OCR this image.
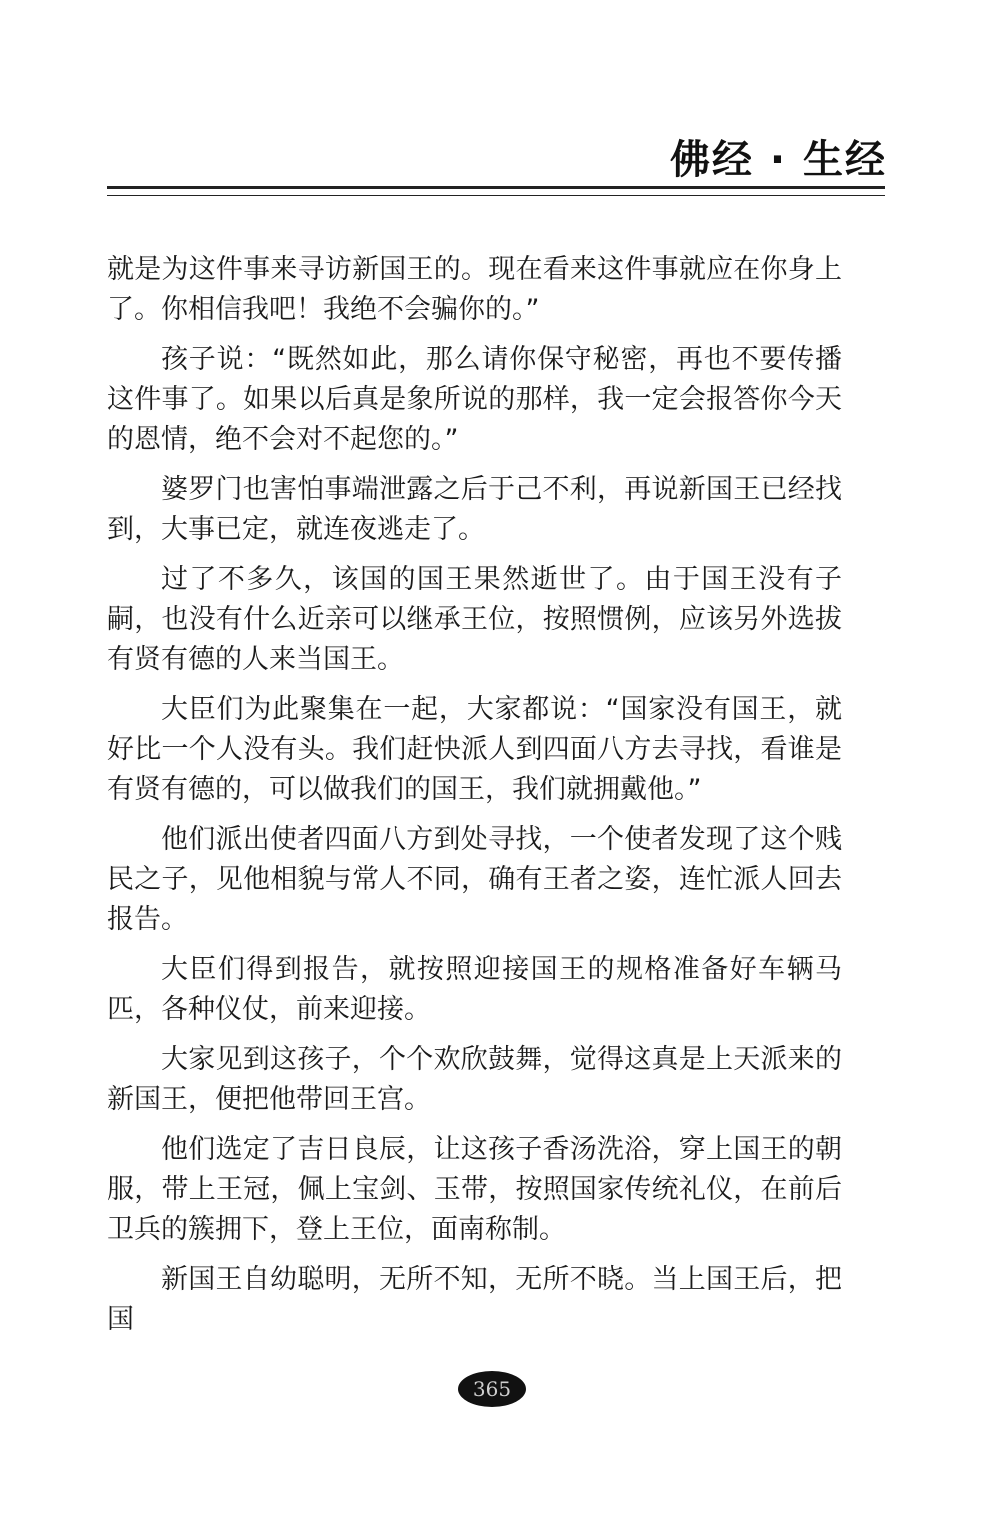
佛经 · 生经

就是为这件事来寻访新国王的。现在看来这件事就应在你身上了。你相信我吧！我绝不会骗你的。”

孩子说：“既然如此，那么请你保守秘密，再也不要传播这件事了。如果以后真是象所说的那样，我一定会报答你今天的恩情，绝不会对不起您的。”

婆罗门也害怕事端泄露之后于己不利，再说新国王已经找到，大事已定，就连夜逃走了。

过了不多久，该国的国王果然逝世了。由于国王没有子嗣，也没有什么近亲可以继承王位，按照惯例，应该另外选拔有贤有德的人来当国王。

大臣们为此聚集在一起，大家都说：“国家没有国王，就好比一个人没有头。我们赶快派人到四面八方去寻找，看谁是有贤有德的，可以做我们的国王，我们就拥戴他。”

他们派出使者四面八方到处寻找，一个使者发现了这个贱民之子，见他相貌与常人不同，确有王者之姿，连忙派人回去报告。

大臣们得到报告，就按照迎接国王的规格准备好车辆马匹，各种仪仗，前来迎接。

大家见到这孩子，个个欢欣鼓舞，觉得这真是上天派来的新国王，便把他带回王宫。

他们选定了吉日良辰，让这孩子香汤洗浴，穿上国王的朝服，带上王冠，佩上宝剑、玉带，按照国家传统礼仪，在前后卫兵的簇拥下，登上王位，面南称制。

新国王自幼聪明，无所不知，无所不晓。当上国王后，把国

365
